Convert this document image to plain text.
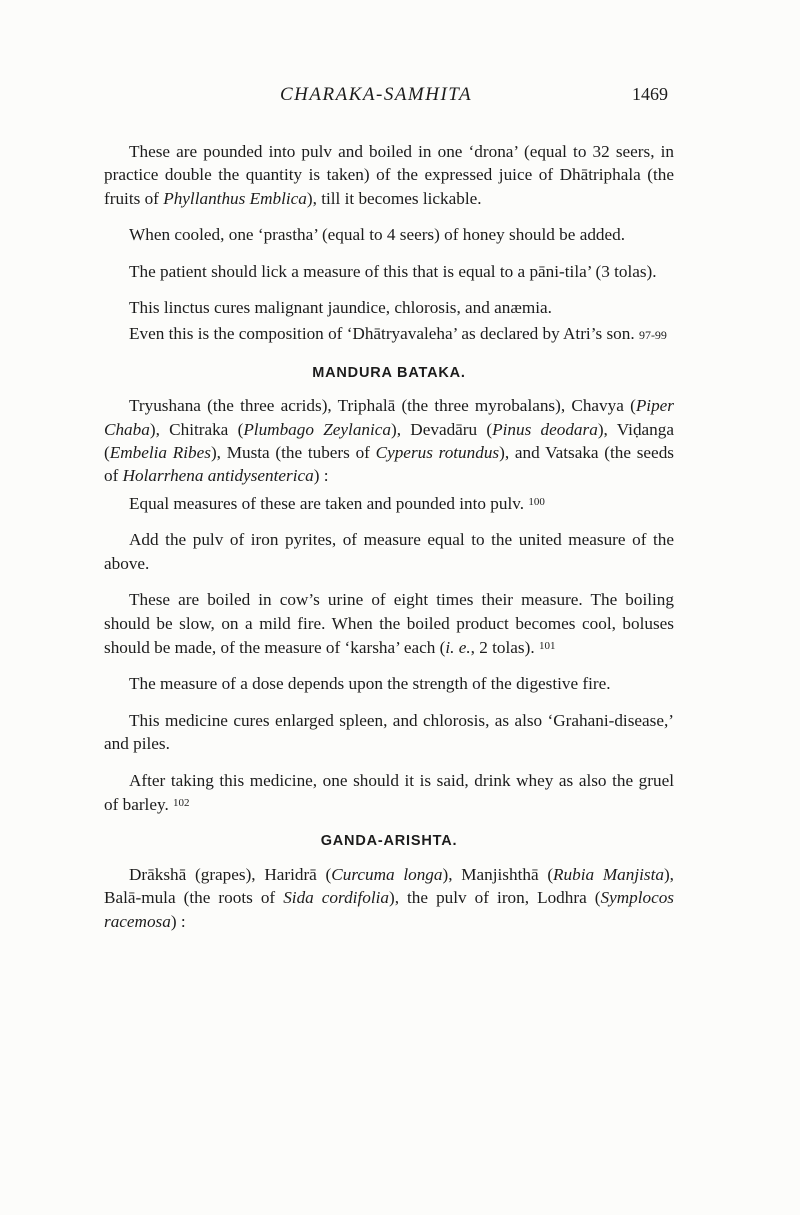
CHARAKA-SAMHITA	1469

These are pounded into pulv and boiled in one ‘drona’ (equal to 32 seers, in practice double the quantity is taken) of the expressed juice of Dhātriphala (the fruits of Phyllanthus Emblica), till it becomes lickable.

When cooled, one ‘prastha’ (equal to 4 seers) of honey should be added.

The patient should lick a measure of this that is equal to a pāni-tila’ (3 tolas).

This linctus cures malignant jaundice, chlorosis, and anæmia.

Even this is the composition of ‘Dhātryavaleha’ as declared by Atri’s son. 97-99

MANDURA BATAKA.

Tryushana (the three acrids), Triphalā (the three myrobalans), Chavya (Piper Chaba), Chitraka (Plumbago Zeylanica), Devadāru (Pinus deodara), Viḍanga (Embelia Ribes), Musta (the tubers of Cyperus rotundus), and Vatsaka (the seeds of Holarrhena antidysenterica) :

Equal measures of these are taken and pounded into pulv. $^{100}$

Add the pulv of iron pyrites, of measure equal to the united measure of the above.

These are boiled in cow’s urine of eight times their measure. The boiling should be slow, on a mild fire. When the boiled product becomes cool, boluses should be made, of the measure of ‘karsha’ each (i. e., 2 tolas). $^{101}$

The measure of a dose depends upon the strength of the digestive fire.

This medicine cures enlarged spleen, and chlorosis, as also ‘Grahani-disease,’ and piles.

After taking this medicine, one should it is said, drink whey as also the gruel of barley. $^{102}$

GANDA-ARISHTA.

Drākshā (grapes), Haridrā (Curcuma longa), Manjishthā (Rubia Manjista), Balā-mula (the roots of Sida cordifolia), the pulv of iron, Lodhra (Symplocos racemosa) :
